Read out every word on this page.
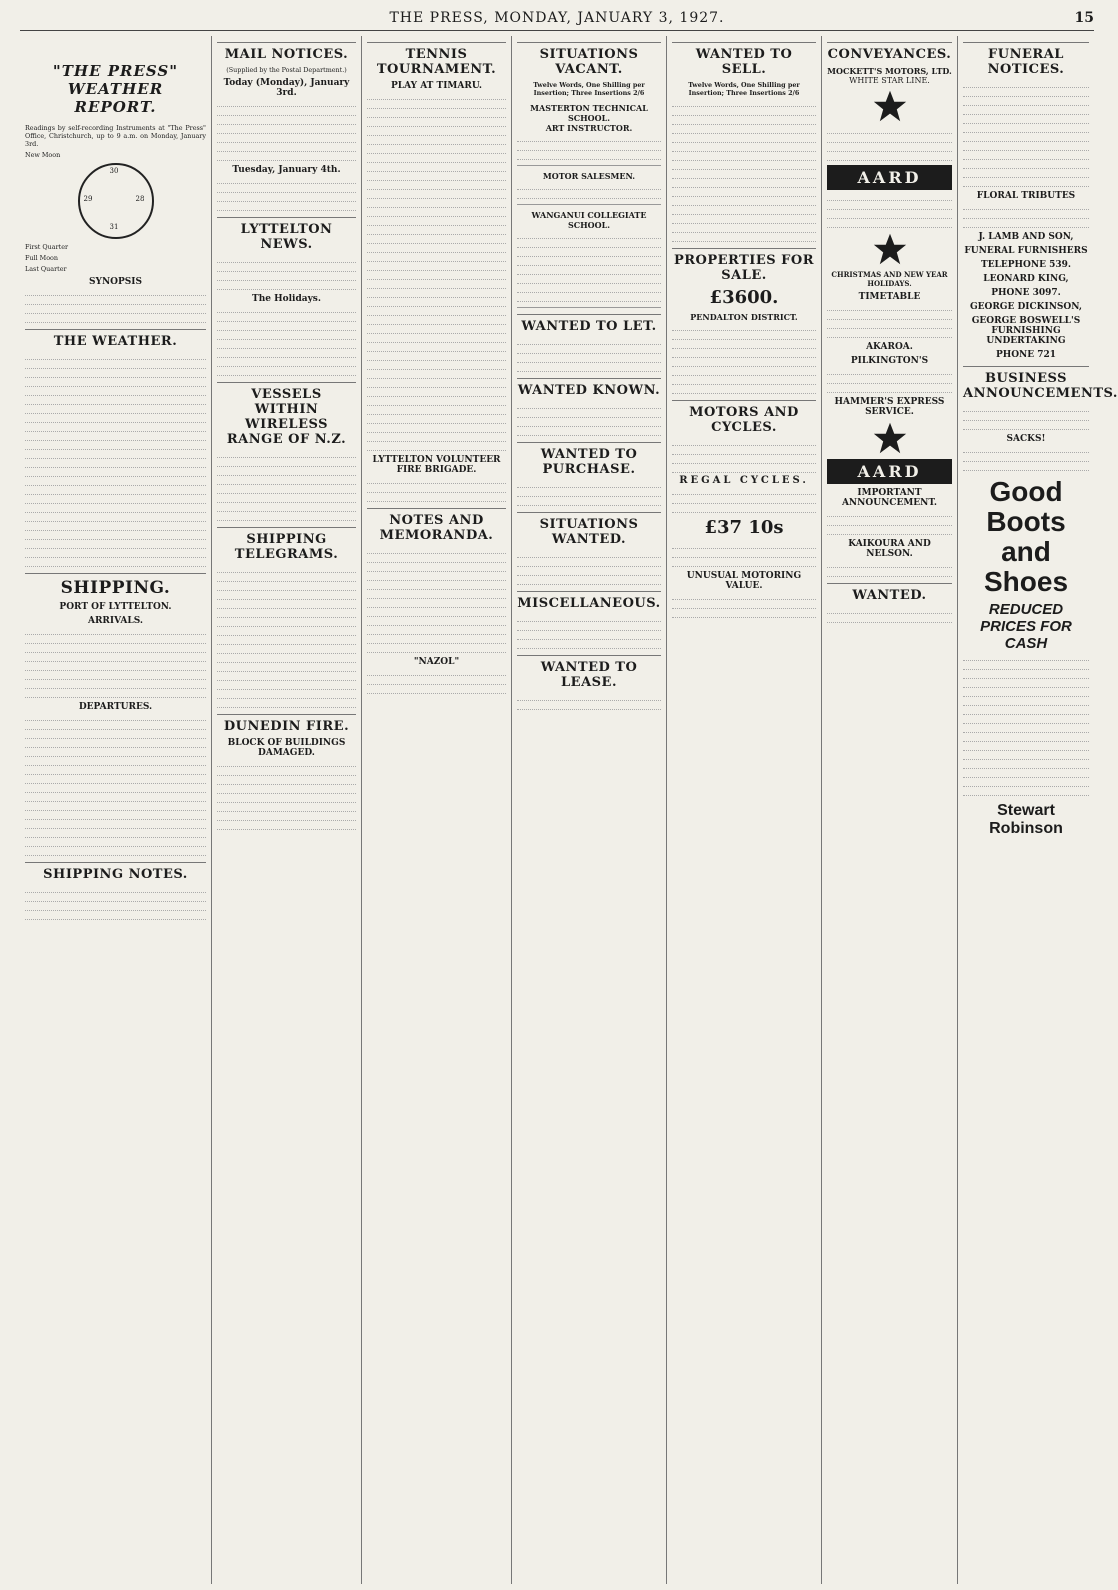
THE PRESS, MONDAY, JANUARY 3, 1927.	15
"THE PRESS" WEATHER REPORT.

Readings by self-recording Instruments at "The Press" Office, Christchurch, up to 9 a.m. on Monday, January 3rd.

New Moon

30
28
31
29

First Quarter

Full Moon

Last Quarter

SYNOPSIS
THE WEATHER.
SHIPPING.
PORT OF LYTTELTON.
ARRIVALS.
DEPARTURES.
SHIPPING NOTES.
MAIL NOTICES.

(Supplied by the Postal Department.)

Today (Monday), January 3rd.
Tuesday, January 4th.
LYTTELTON NEWS.
The Holidays.
VESSELS WITHIN WIRELESS RANGE OF N.Z.
SHIPPING TELEGRAMS.
DUNEDIN FIRE.
BLOCK OF BUILDINGS DAMAGED.
TENNIS TOURNAMENT.
PLAY AT TIMARU.
LYTTELTON VOLUNTEER FIRE BRIGADE.
NOTES AND MEMORANDA.
"NAZOL"
SITUATIONS VACANT.

Twelve Words, One Shilling per Insertion; Three Insertions 2/6

MASTERTON TECHNICAL SCHOOL.
ART INSTRUCTOR.
MOTOR SALESMEN.
WANGANUI COLLEGIATE SCHOOL.
WANTED TO LET.
WANTED KNOWN.
WANTED TO PURCHASE.
SITUATIONS WANTED.
MISCELLANEOUS.
WANTED TO LEASE.
WANTED TO SELL.

Twelve Words, One Shilling per Insertion; Three Insertions 2/6

PROPERTIES FOR SALE.
£3600.
PENDALTON DISTRICT.
MOTORS AND CYCLES.
REGAL CYCLES.
£37 10s
UNUSUAL MOTORING VALUE.
CONVEYANCES.
MOCKETT'S MOTORS, LTD.
WHITE STAR LINE.
AARD
CHRISTMAS AND NEW YEAR HOLIDAYS.
TIMETABLE
AKAROA.
PILKINGTON'S
HAMMER'S EXPRESS SERVICE.
AARD
IMPORTANT ANNOUNCEMENT.
KAIKOURA AND NELSON.
WANTED.
FUNERAL NOTICES.
FLORAL TRIBUTES
J. LAMB AND SON,
FUNERAL FURNISHERS
TELEPHONE 539.
LEONARD KING,
PHONE 3097.
GEORGE DICKINSON,
GEORGE BOSWELL'S FURNISHING UNDERTAKING
PHONE 721
BUSINESS ANNOUNCEMENTS.
SACKS!
Good Boots
and Shoes
REDUCED PRICES FOR CASH
Stewart Robinson
